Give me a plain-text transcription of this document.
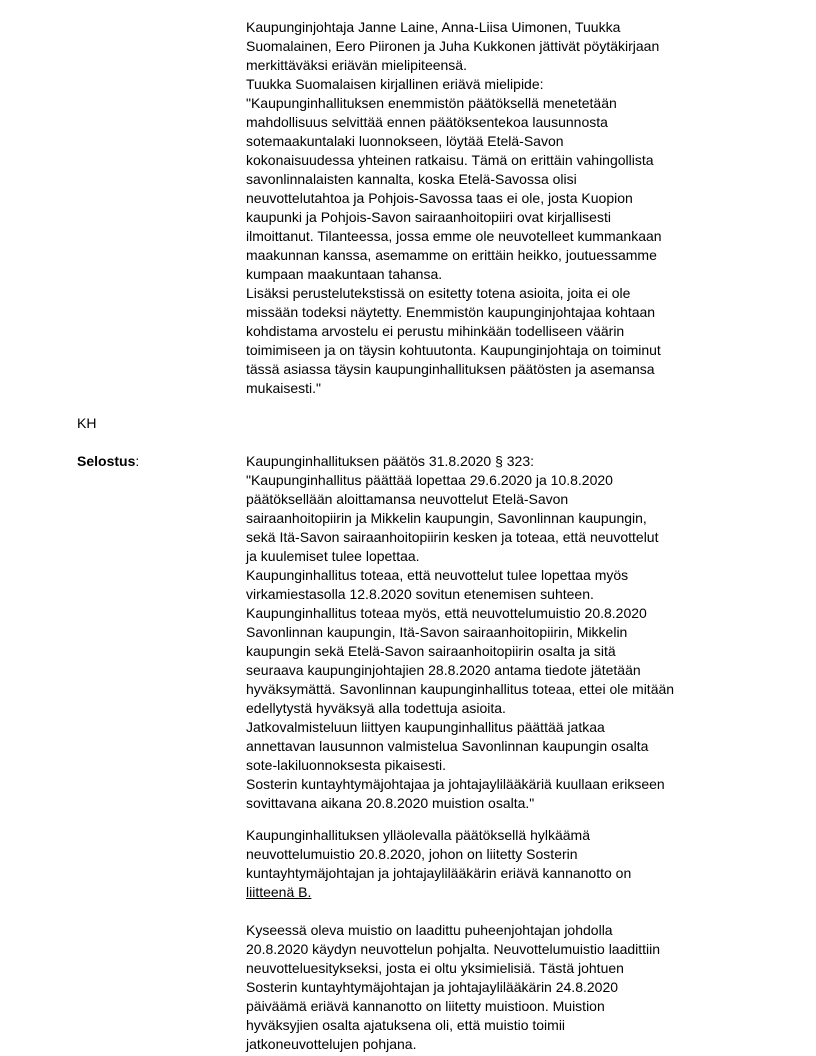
Kaupunginjohtaja Janne Laine, Anna-Liisa Uimonen, Tuukka
Suomalainen, Eero Piironen ja Juha Kukkonen jättivät pöytäkirjaan
merkittäväksi eriävän mielipiteensä.
Tuukka Suomalaisen kirjallinen eriävä mielipide:
"Kaupunginhallituksen enemmistön päätöksellä menetetään
mahdollisuus selvittää ennen päätöksentekoa lausunnosta
sotemaakuntalaki luonnokseen, löytää Etelä-Savon
kokonaisuudessa yhteinen ratkaisu. Tämä on erittäin vahingollista
savonlinnalaisten kannalta, koska Etelä-Savossa olisi
neuvottelutahtoa ja Pohjois-Savossa taas ei ole, josta Kuopion
kaupunki ja Pohjois-Savon sairaanhoitopiiri ovat kirjallisesti
ilmoittanut. Tilanteessa, jossa emme ole neuvotelleet kummankaan
maakunnan kanssa, asemamme on erittäin heikko, joutuessamme
kumpaan maakuntaan tahansa.
Lisäksi perustelutekstissä on esitetty totena asioita, joita ei ole
missään todeksi näytetty. Enemmistön kaupunginjohtajaa kohtaan
kohdistama arvostelu ei perustu mihinkään todelliseen väärin
toimimiseen ja on täysin kohtuutonta. Kaupunginjohtaja on toiminut
tässä asiassa täysin kaupunginhallituksen päätösten ja asemansa
mukaisesti."
KH
Selostus:	Kaupunginhallituksen päätös 31.8.2020 § 323:
"Kaupunginhallitus päättää lopettaa 29.6.2020 ja 10.8.2020
päätöksellään aloittamansa neuvottelut Etelä-Savon
sairaanhoitopiirin ja Mikkelin kaupungin, Savonlinnan kaupungin,
sekä Itä-Savon sairaanhoitopiirin kesken ja toteaa, että neuvottelut
ja kuulemiset tulee lopettaa.
Kaupunginhallitus toteaa, että neuvottelut tulee lopettaa myös
virkamiestasolla 12.8.2020 sovitun etenemisen suhteen.
Kaupunginhallitus toteaa myös, että neuvottelumuistio 20.8.2020
Savonlinnan kaupungin, Itä-Savon sairaanhoitopiirin, Mikkelin
kaupungin sekä Etelä-Savon sairaanhoitopiirin osalta ja sitä
seuraava kaupunginjohtajien 28.8.2020 antama tiedote jätetään
hyväksymättä. Savonlinnan kaupunginhallitus toteaa, ettei ole mitään
edellytystä hyväksyä alla todettuja asioita.
Jatkovalmisteluun liittyen kaupunginhallitus päättää jatkaa
annettavan lausunnon valmistelua Savonlinnan kaupungin osalta
sote-lakiluonnoksesta pikaisesti.
Sosterin kuntayhtymäjohtajaa ja johtajaylilääkäriä kuullaan erikseen
sovittavana aikana 20.8.2020 muistion osalta."
Kaupunginhallituksen ylläolevalla päätöksellä hylkäämä
neuvottelumuistio 20.8.2020, johon on liitetty Sosterin
kuntayhtymäjohtajan ja johtajaylilääkärin eriävä kannanotto on
liitteenä B.
Kyseessä oleva muistio on laadittu puheenjohtajan johdolla
20.8.2020 käydyn neuvottelun pohjalta. Neuvottelumuistio laadittiin
neuvotteluesitykseksi, josta ei oltu yksimielisiä. Tästä johtuen
Sosterin kuntayhtymäjohtajan ja johtajaylilääkärin 24.8.2020
päiväämä eriävä kannanotto on liitetty muistioon. Muistion
hyväksyjien osalta ajatuksena oli, että muistio toimii
jatkoneuvottelujen pohjana.
